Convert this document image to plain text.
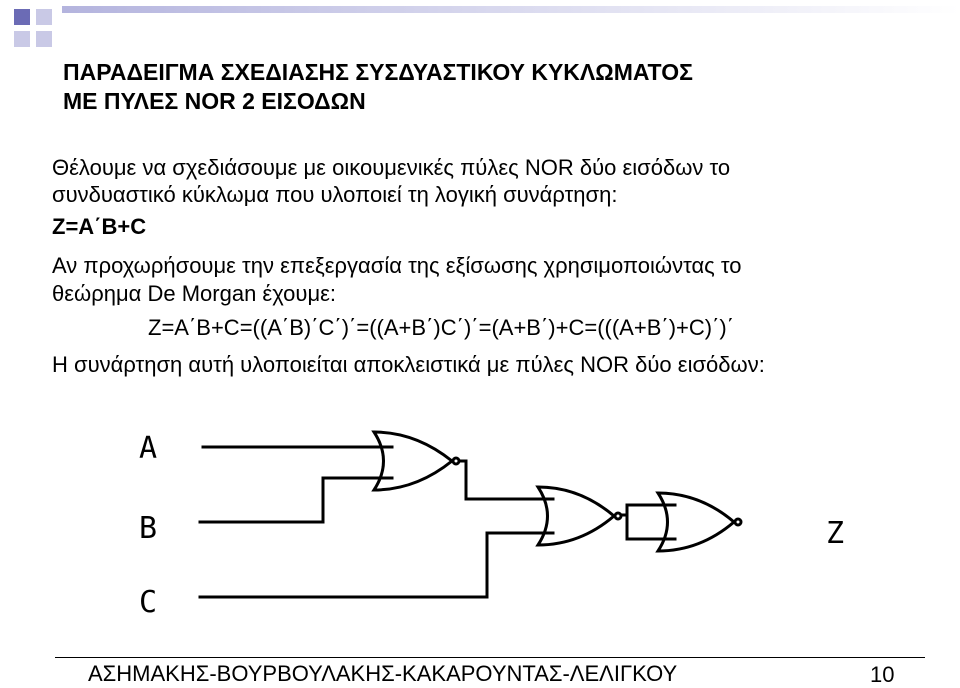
ΠΑΡΑΔΕΙΓΜΑ ΣΧΕΔΙΑΣΗΣ ΣΥΣΔΥΑΣΤΙΚΟΥ ΚΥΚΛΩΜΑΤΟΣ
ΜΕ ΠΥΛΕΣ NOR 2 ΕΙΣΟΔΩΝ
Θέλουμε να σχεδιάσουμε με οικουμενικές πύλες NOR δύο εισόδων το
συνδυαστικό κύκλωμα που υλοποιεί τη λογική συνάρτηση:
Z=A΄B+C
Αν προχωρήσουμε την επεξεργασία της εξίσωσης χρησιμοποιώντας το
θεώρημα De Morgan έχουμε:
Z=A΄B+C=((A΄B)΄C΄)΄=((A+B΄)C΄)΄=(A+B΄)+C=(((A+B΄)+C)΄)΄
Η συνάρτηση αυτή υλοποιείται αποκλειστικά με πύλες NOR δύο εισόδων:
A
B
C
Z
ΑΣΗΜΑΚΗΣ-ΒΟΥΡΒΟΥΛΑΚΗΣ-ΚΑΚΑΡΟΥΝΤΑΣ-ΛΕΛΙΓΚΟΥ	10
